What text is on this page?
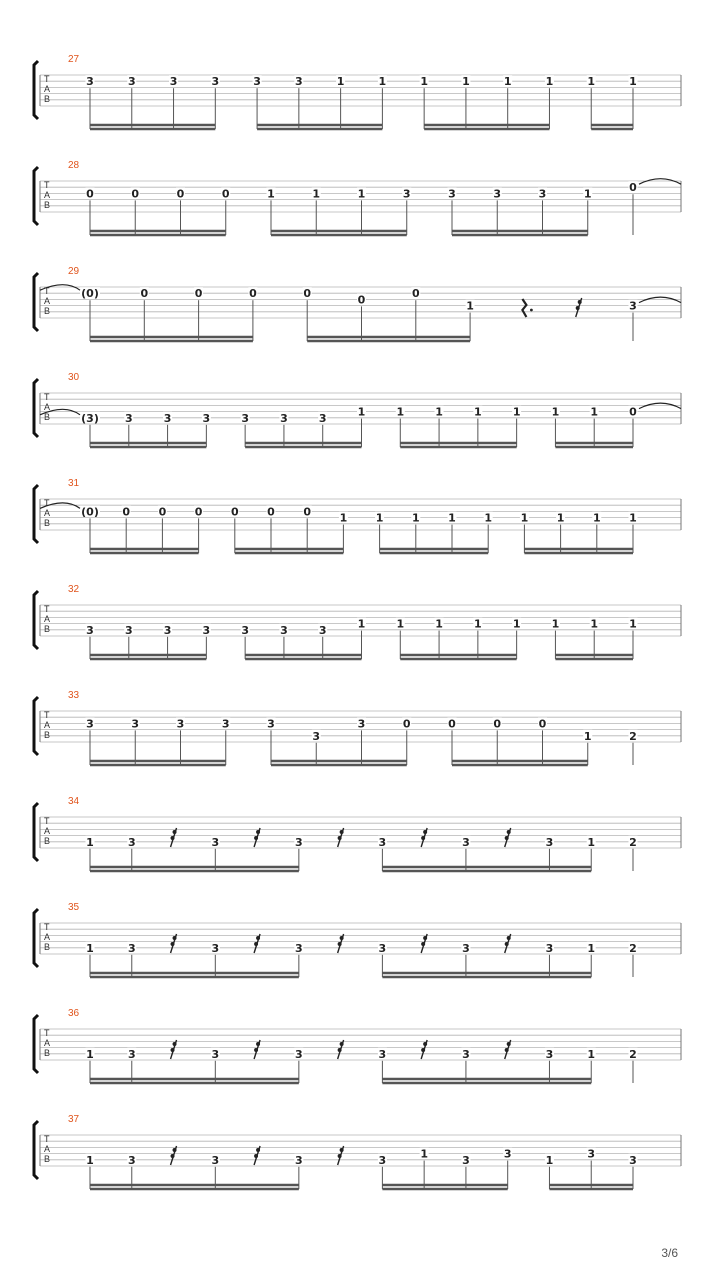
27
T
A
B
3	3	3	3	3	3	1	1	1	1	1	1	1	1
28
T
A
B
0	0	0	0	1	1	1	3	3	3	3	1	0
29
T
A
B
(0)	0	0	0	0	0	0
1	3
30
T
A
B	(3) 3	3	3	3	3	3	1	1	1	1	1	1	1	0
31
T
A
B
(0) 0	0	0	0	0	0	1	1	1	1	1	1	1	1	1
32
T
A
B	3	3	3	3	3	3	3	1	1	1	1	1	1	1	1
33
T
A
B
3	3	3	3	3
3
3	0	0	0	0
1	2
34
T
A
B	1	3	3	3	3	3	3	1	2
35
T
A
B	1	3	3	3	3	3	3	1	2
36
T
A
B	1	3	3	3	3	3	3	1	2
37
T
A
B	1	3	3	3	3	1	3	3	1	3	3
3/6
